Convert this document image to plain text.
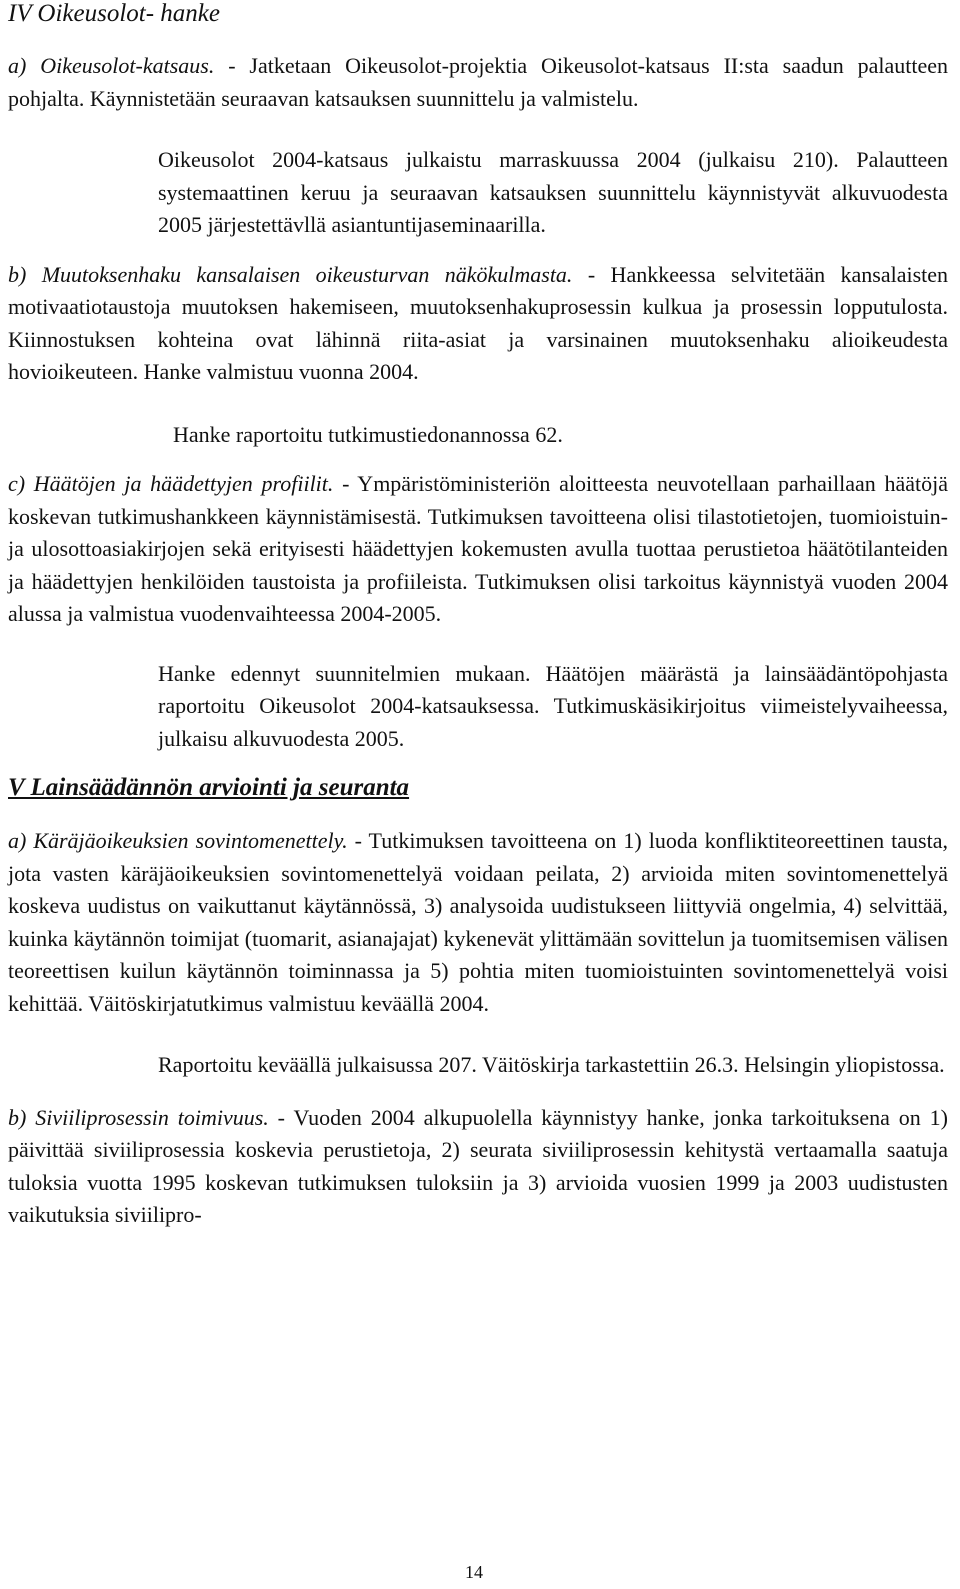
IV Oikeusolot- hanke

a) Oikeusolot-katsaus. - Jatketaan Oikeusolot-projektia Oikeusolot-katsaus II:sta saadun palautteen pohjalta. Käynnistetään seuraavan katsauksen suunnittelu ja valmistelu.

Oikeusolot 2004-katsaus julkaistu marraskuussa 2004 (julkaisu 210). Palautteen systemaattinen keruu ja seuraavan katsauksen suunnittelu käynnistyvät alkuvuodesta 2005 järjestettävllä asiantuntijaseminaarilla.

b) Muutoksenhaku kansalaisen oikeusturvan näkökulmasta. - Hankkeessa selvitetään kansalaisten motivaatiotaustoja muutoksen hakemiseen, muutoksenhakuprosessin kulkua ja prosessin lopputulosta. Kiinnostuksen kohteina ovat lähinnä riita-asiat ja varsinainen muutoksenhaku alioikeudesta hovioikeuteen. Hanke valmistuu vuonna 2004.

Hanke raportoitu tutkimustiedonannossa 62.

c) Häätöjen ja häädettyjen profiilit. - Ympäristöministeriön aloitteesta neuvotellaan parhaillaan häätöjä koskevan tutkimushankkeen käynnistämisestä. Tutkimuksen tavoitteena olisi tilastotietojen, tuomioistuin- ja ulosottoasiakirjojen sekä erityisesti häädettyjen kokemusten avulla tuottaa perustietoa häätötilanteiden ja häädettyjen henkilöiden taustoista ja profiileista. Tutkimuksen olisi tarkoitus käynnistyä vuoden 2004 alussa ja valmistua vuodenvaihteessa 2004-2005.

Hanke edennyt suunnitelmien mukaan. Häätöjen määrästä ja lainsäädäntöpohjasta raportoitu Oikeusolot 2004-katsauksessa. Tutkimuskäsikirjoitus viimeistelyvaiheessa, julkaisu alkuvuodesta 2005.

V Lainsäädännön arviointi ja seuranta

a) Käräjäoikeuksien sovintomenettely. - Tutkimuksen tavoitteena on 1) luoda konfliktiteoreettinen tausta, jota vasten käräjäoikeuksien sovintomenettelyä voidaan peilata, 2) arvioida miten sovintomenettelyä koskeva uudistus on vaikuttanut käytännössä, 3) analysoida uudistukseen liittyviä ongelmia, 4) selvittää, kuinka käytännön toimijat (tuomarit, asianajajat) kykenevät ylittämään sovittelun ja tuomitsemisen välisen teoreettisen kuilun käytännön toiminnassa ja 5) pohtia miten tuomioistuinten sovintomenettelyä voisi kehittää. Väitöskirjatutkimus valmistuu keväällä 2004.

Raportoitu keväällä julkaisussa 207. Väitöskirja tarkastettiin 26.3. Helsingin yliopistossa.

b) Siviiliprosessin toimivuus. - Vuoden 2004 alkupuolella käynnistyy hanke, jonka tarkoituksena on 1) päivittää siviiliprosessia koskevia perustietoja, 2) seurata siviiliprosessin kehitystä vertaamalla saatuja tuloksia vuotta 1995 koskevan tutkimuksen tuloksiin ja 3) arvioida vuosien 1999 ja 2003 uudistusten vaikutuksia siviilipro-

14
